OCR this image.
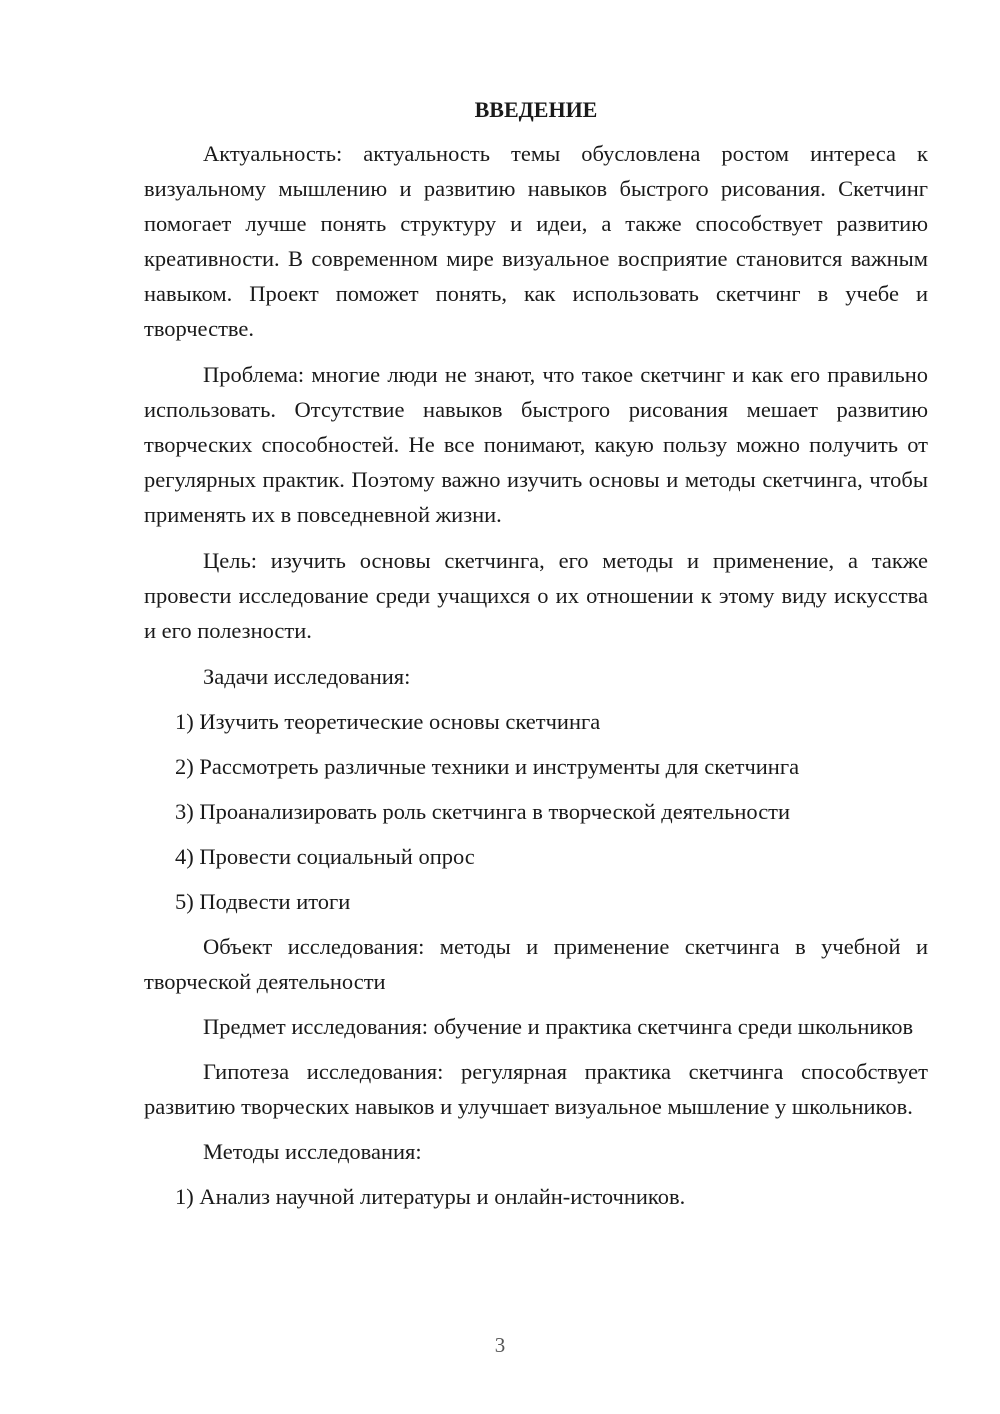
ВВЕДЕНИЕ

Актуальность: актуальность темы обусловлена ростом интереса к визуальному мышлению и развитию навыков быстрого рисования. Скетчинг помогает лучше понять структуру и идеи, а также способствует развитию креативности. В современном мире визуальное восприятие становится важным навыком. Проект поможет понять, как использовать скетчинг в учебе и творчестве.

Проблема: многие люди не знают, что такое скетчинг и как его правильно использовать. Отсутствие навыков быстрого рисования мешает развитию творческих способностей. Не все понимают, какую пользу можно получить от регулярных практик. Поэтому важно изучить основы и методы скетчинга, чтобы применять их в повседневной жизни.

Цель: изучить основы скетчинга, его методы и применение, а также провести исследование среди учащихся о их отношении к этому виду искусства и его полезности.

Задачи исследования:

1) Изучить теоретические основы скетчинга

2) Рассмотреть различные техники и инструменты для скетчинга

3) Проанализировать роль скетчинга в творческой деятельности

4) Провести социальный опрос

5) Подвести итоги

Объект исследования: методы и применение скетчинга в учебной и творческой деятельности

Предмет исследования: обучение и практика скетчинга среди школьников

Гипотеза исследования: регулярная практика скетчинга способствует развитию творческих навыков и улучшает визуальное мышление у школьников.

Методы исследования:

1) Анализ научной литературы и онлайн-источников.

3
